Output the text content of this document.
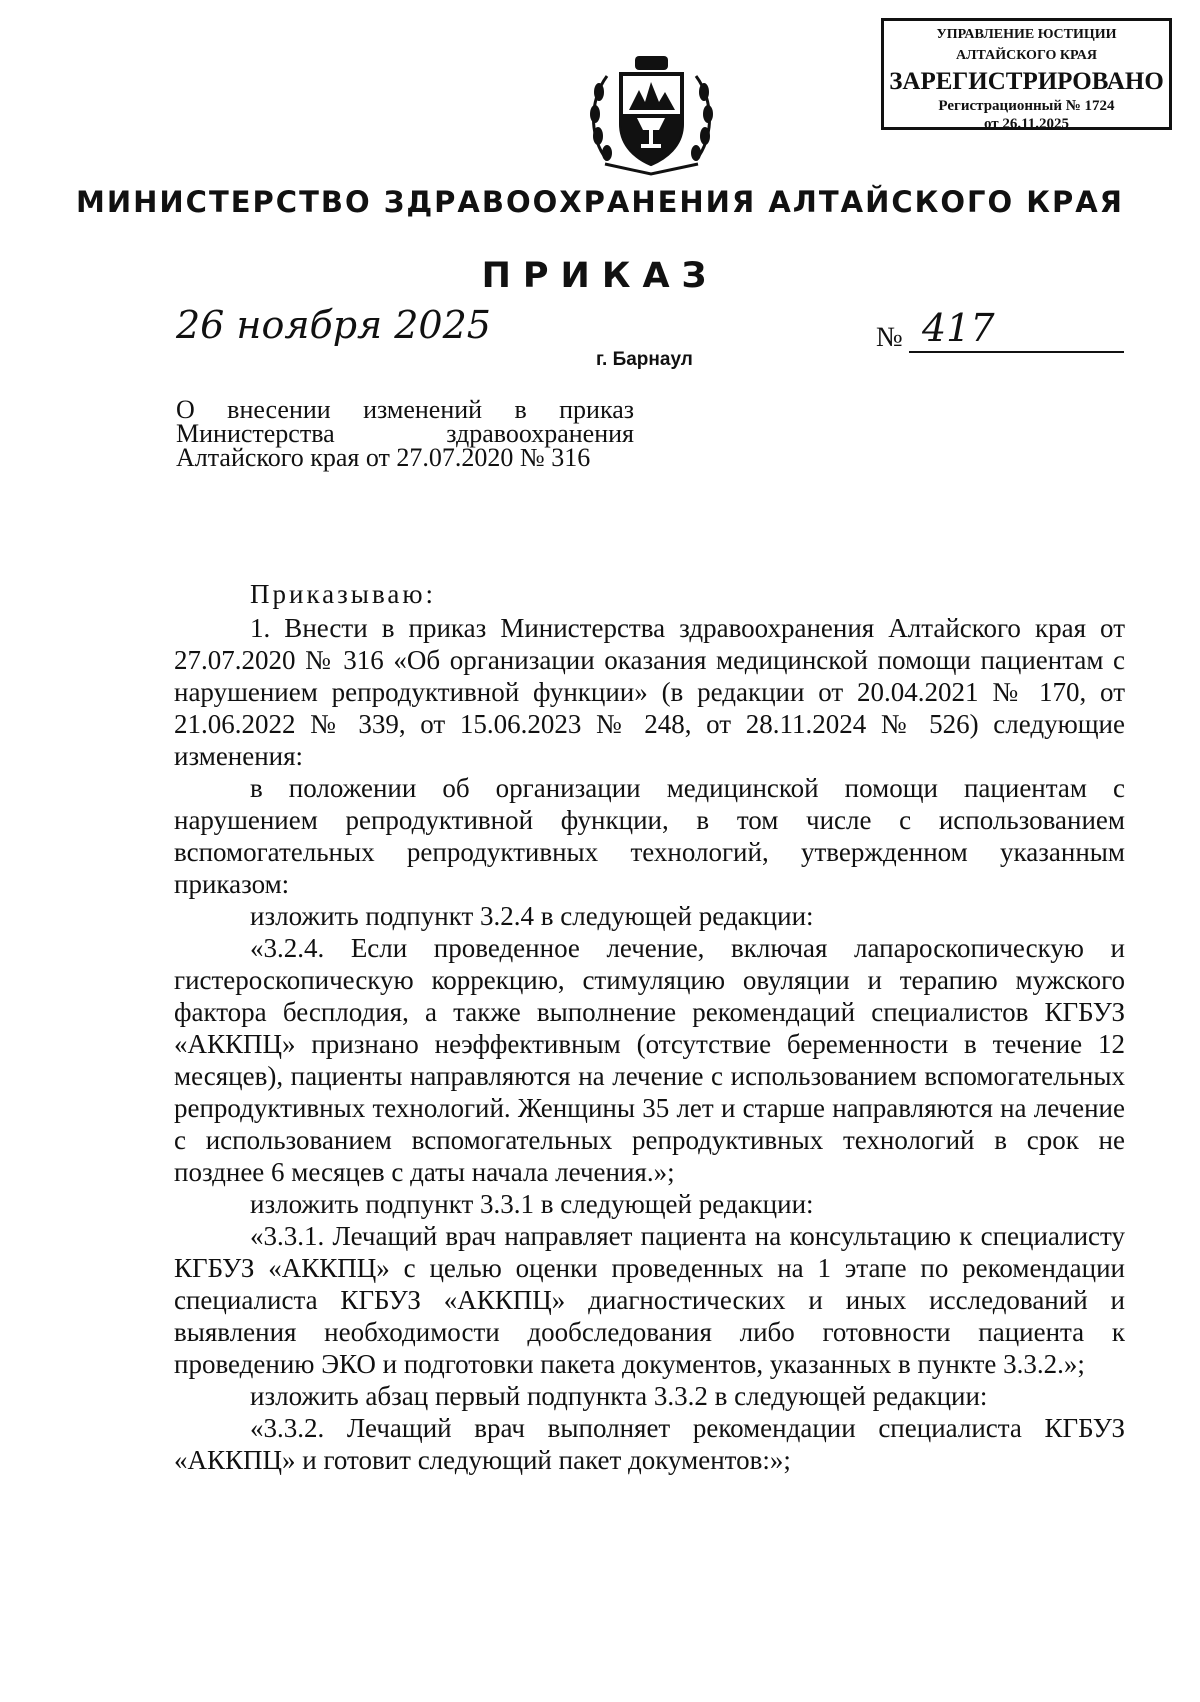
УПРАВЛЕНИЕ ЮСТИЦИИ
АЛТАЙСКОГО КРАЯ
ЗАРЕГИСТРИРОВАНО
Регистрационный № 1724
от 26.11.2025
МИНИСТЕРСТВО ЗДРАВООХРАНЕНИЯ АЛТАЙСКОГО КРАЯ
ПРИКАЗ
26 ноября 2025	№ 417
г. Барнаул
О внесении изменений в приказ
Министерства здравоохранения
Алтайского края от 27.07.2020 № 316

Приказываю:

1. Внести в приказ Министерства здравоохранения Алтайского края от 27.07.2020 № 316 «Об организации оказания медицинской помощи пациентам с нарушением репродуктивной функции» (в редакции от 20.04.2021 № 170, от 21.06.2022 № 339, от 15.06.2023 № 248, от 28.11.2024 № 526) следующие изменения:

в положении об организации медицинской помощи пациентам с нарушением репродуктивной функции, в том числе с использованием вспомогательных репродуктивных технологий, утвержденном указанным приказом:

изложить подпункт 3.2.4 в следующей редакции:

«3.2.4. Если проведенное лечение, включая лапароскопическую и гистероскопическую коррекцию, стимуляцию овуляции и терапию мужского фактора бесплодия, а также выполнение рекомендаций специалистов КГБУЗ «АККПЦ» признано неэффективным (отсутствие беременности в течение 12 месяцев), пациенты направляются на лечение с использованием вспомогательных репродуктивных технологий. Женщины 35 лет и старше направляются на лечение с использованием вспомогательных репродуктивных технологий в срок не позднее 6 месяцев с даты начала лечения.»;

изложить подпункт 3.3.1 в следующей редакции:

«3.3.1. Лечащий врач направляет пациента на консультацию к специалисту КГБУЗ «АККПЦ» с целью оценки проведенных на 1 этапе по рекомендации специалиста КГБУЗ «АККПЦ» диагностических и иных исследований и выявления необходимости дообследования либо готовности пациента к проведению ЭКО и подготовки пакета документов, указанных в пункте 3.3.2.»;

изложить абзац первый подпункта 3.3.2 в следующей редакции:

«3.3.2. Лечащий врач выполняет рекомендации специалиста КГБУЗ «АККПЦ» и готовит следующий пакет документов:»;
